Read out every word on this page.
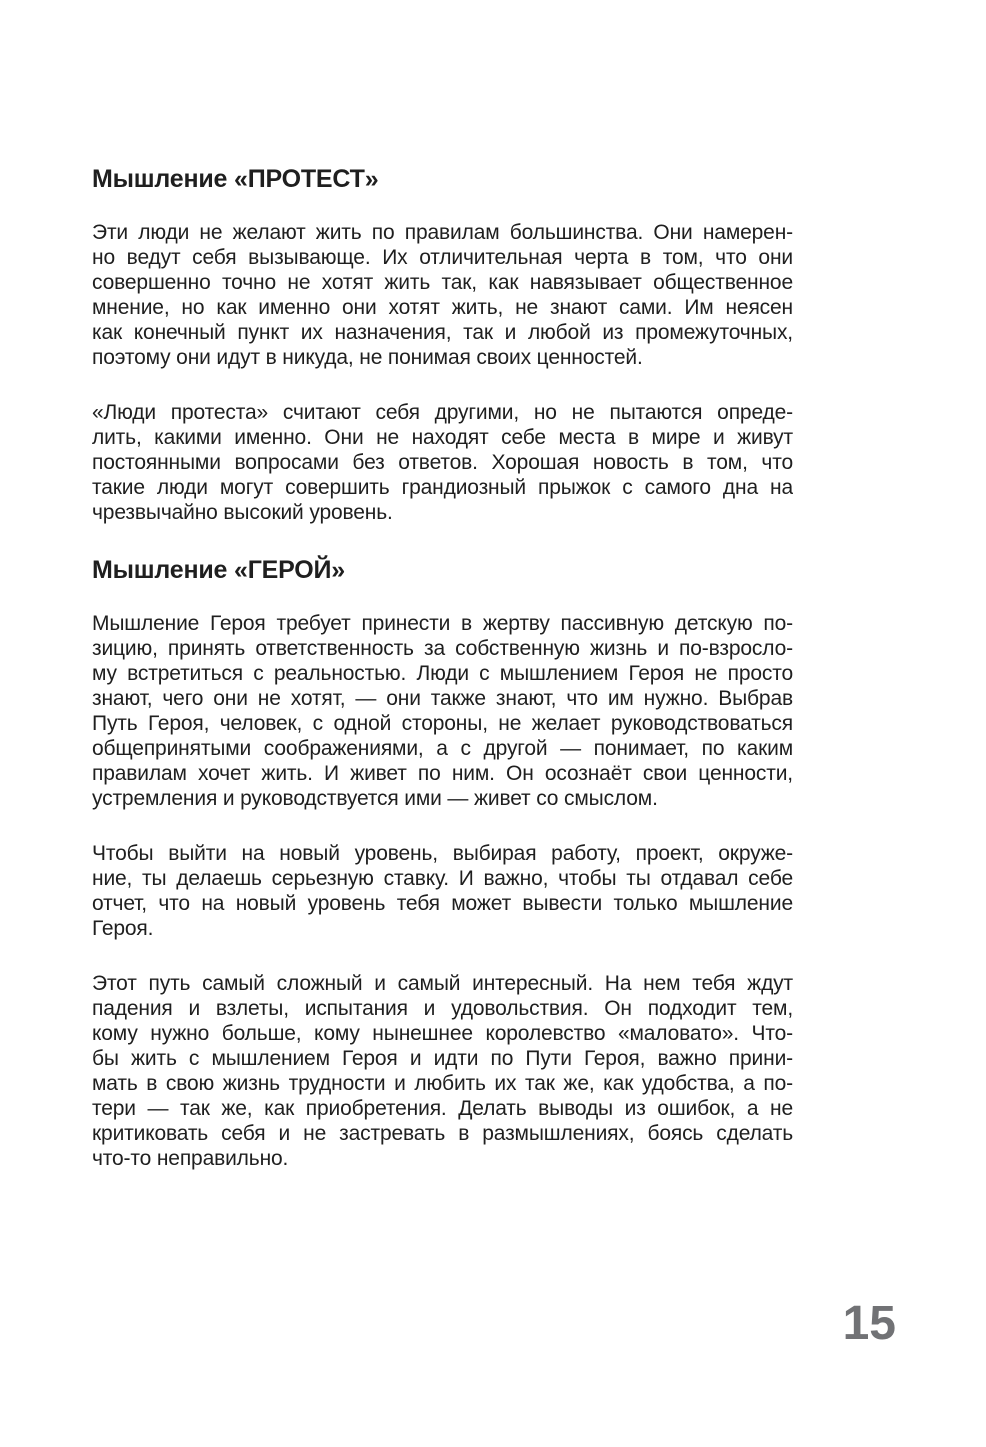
Мышление «ПРОТЕСТ»
Эти люди не желают жить по правилам большинства. Они намерен-
но ведут себя вызывающе. Их отличительная черта в том, что они
совершенно точно не хотят жить так, как навязывает общественное
мнение, но как именно они хотят жить, не знают сами. Им неясен
как конечный пункт их назначения, так и любой из промежуточных,
поэтому они идут в никуда, не понимая своих ценностей.
«Люди протеста» считают себя другими, но не пытаются опреде-
лить, какими именно. Они не находят себе места в мире и живут
постоянными вопросами без ответов. Хорошая новость в том, что
такие люди могут совершить грандиозный прыжок с самого дна на
чрезвычайно высокий уровень.
Мышление «ГЕРОЙ»
Мышление Героя требует принести в жертву пассивную детскую по-
зицию, принять ответственность за собственную жизнь и по-взросло-
му встретиться с реальностью. Люди с мышлением Героя не просто
знают, чего они не хотят, — они также знают, что им нужно. Выбрав
Путь Героя, человек, с одной стороны, не желает руководствоваться
общепринятыми соображениями, а с другой — понимает, по каким
правилам хочет жить. И живет по ним. Он осознаёт свои ценности,
устремления и руководствуется ими — живет со смыслом.
Чтобы выйти на новый уровень, выбирая работу, проект, окруже-
ние, ты делаешь серьезную ставку. И важно, чтобы ты отдавал себе
отчет, что на новый уровень тебя может вывести только мышление
Героя.
Этот путь самый сложный и самый интересный. На нем тебя ждут
падения и взлеты, испытания и удовольствия. Он подходит тем,
кому нужно больше, кому нынешнее королевство «маловато». Что-
бы жить с мышлением Героя и идти по Пути Героя, важно прини-
мать в свою жизнь трудности и любить их так же, как удобства, а по-
тери — так же, как приобретения. Делать выводы из ошибок, а не
критиковать себя и не застревать в размышлениях, боясь сделать
что-то неправильно.
15
